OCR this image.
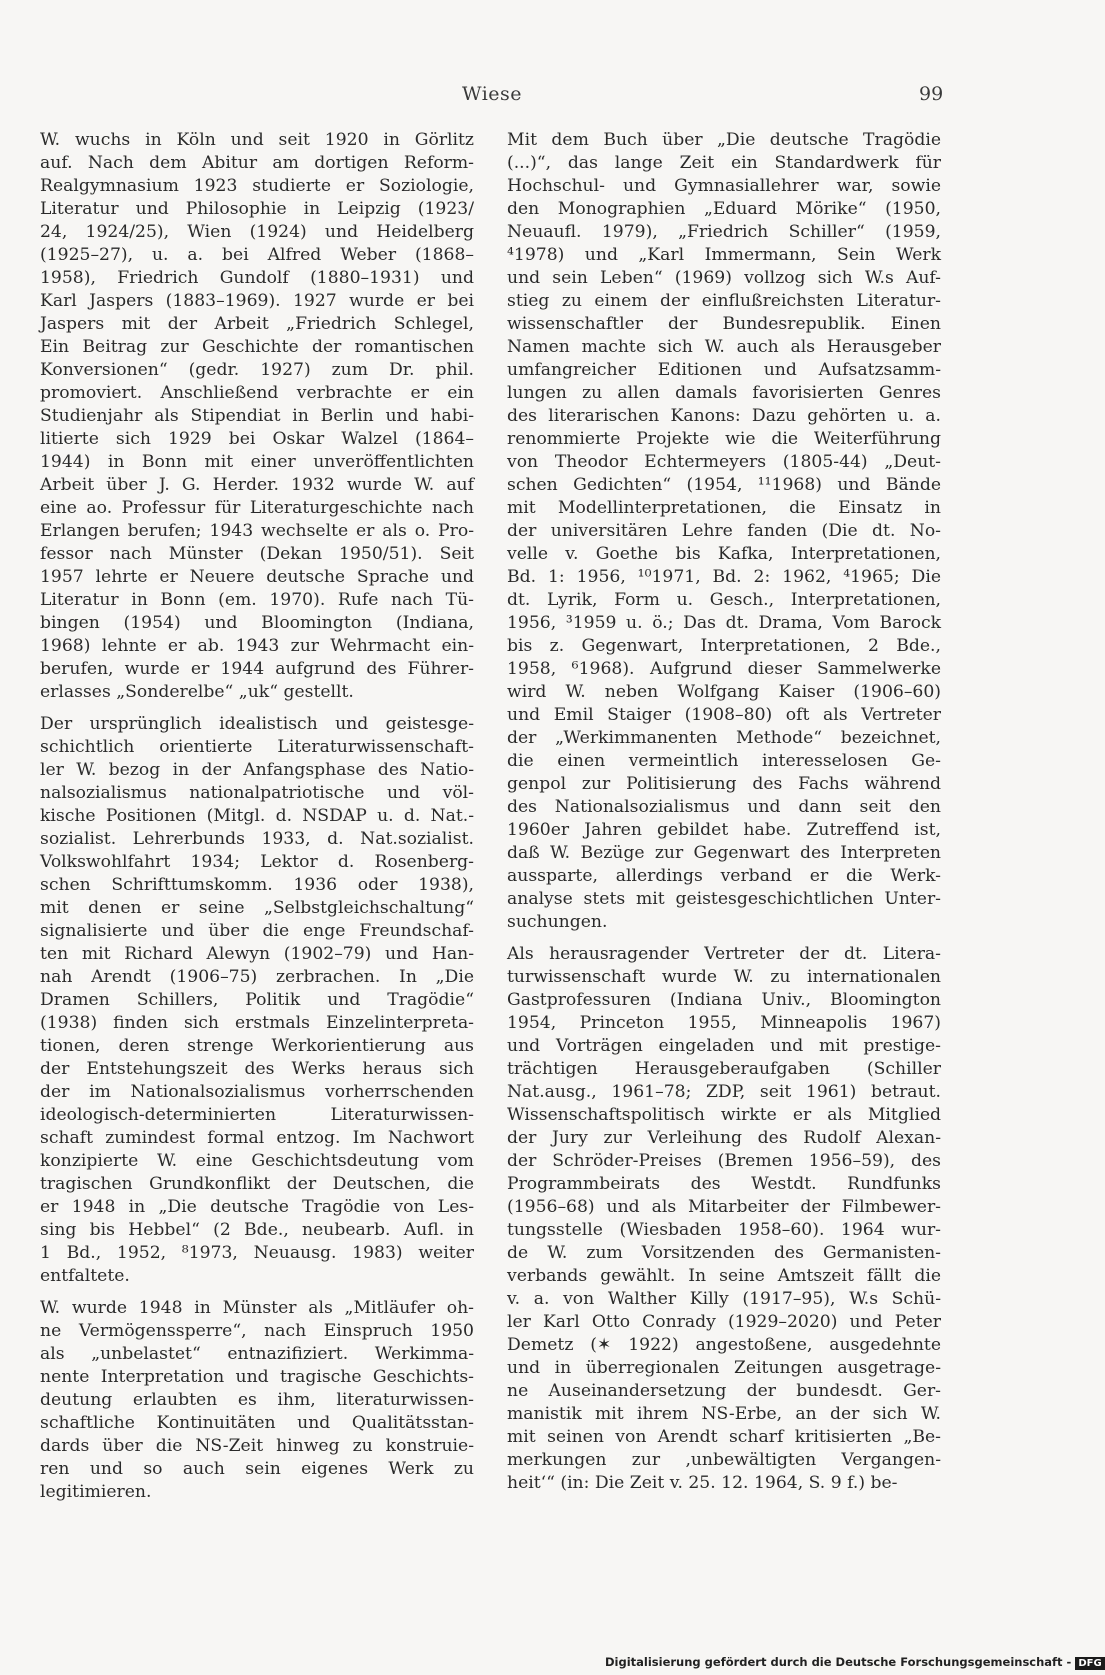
Wiese	99
W. wuchs in Köln und seit 1920 in Görlitz
auf. Nach dem Abitur am dortigen Reform-
Realgymnasium 1923 studierte er Soziologie,
Literatur und Philosophie in Leipzig (1923/
24, 1924/25), Wien (1924) und Heidelberg
(1925–27), u. a. bei Alfred Weber (1868–
1958), Friedrich Gundolf (1880–1931) und
Karl Jaspers (1883–1969). 1927 wurde er bei
Jaspers mit der Arbeit „Friedrich Schlegel,
Ein Beitrag zur Geschichte der romantischen
Konversionen“ (gedr. 1927) zum Dr. phil.
promoviert. Anschließend verbrachte er ein
Studienjahr als Stipendiat in Berlin und habi-
litierte sich 1929 bei Oskar Walzel (1864–
1944) in Bonn mit einer unveröffentlichten
Arbeit über J. G. Herder. 1932 wurde W. auf
eine ao. Professur für Literaturgeschichte nach
Erlangen berufen; 1943 wechselte er als o. Pro-
fessor nach Münster (Dekan 1950/51). Seit
1957 lehrte er Neuere deutsche Sprache und
Literatur in Bonn (em. 1970). Rufe nach Tü-
bingen (1954) und Bloomington (Indiana,
1968) lehnte er ab. 1943 zur Wehrmacht ein-
berufen, wurde er 1944 aufgrund des Führer-
erlasses „Sonderelbe“ „uk“ gestellt.
Der ursprünglich idealistisch und geistesge-
schichtlich orientierte Literaturwissenschaft-
ler W. bezog in der Anfangsphase des Natio-
nalsozialismus nationalpatriotische und völ-
kische Positionen (Mitgl. d. NSDAP u. d. Nat.-
sozialist. Lehrerbunds 1933, d. Nat.sozialist.
Volkswohlfahrt 1934; Lektor d. Rosenberg-
schen Schrifttumskomm. 1936 oder 1938),
mit denen er seine „Selbstgleichschaltung“
signalisierte und über die enge Freundschaf-
ten mit Richard Alewyn (1902–79) und Han-
nah Arendt (1906–75) zerbrachen. In „Die
Dramen Schillers, Politik und Tragödie“
(1938) finden sich erstmals Einzelinterpreta-
tionen, deren strenge Werkorientierung aus
der Entstehungszeit des Werks heraus sich
der im Nationalsozialismus vorherrschenden
ideologisch-determinierten Literaturwissen-
schaft zumindest formal entzog. Im Nachwort
konzipierte W. eine Geschichtsdeutung vom
tragischen Grundkonflikt der Deutschen, die
er 1948 in „Die deutsche Tragödie von Les-
sing bis Hebbel“ (2 Bde., neubearb. Aufl. in
1 Bd., 1952, ⁸1973, Neuausg. 1983) weiter
entfaltete.
W. wurde 1948 in Münster als „Mitläufer oh-
ne Vermögenssperre“, nach Einspruch 1950
als „unbelastet“ entnazifiziert. Werkimma-
nente Interpretation und tragische Geschichts-
deutung erlaubten es ihm, literaturwissen-
schaftliche Kontinuitäten und Qualitätsstan-
dards über die NS-Zeit hinweg zu konstruie-
ren und so auch sein eigenes Werk zu
legitimieren.
Mit dem Buch über „Die deutsche Tragödie
(...)“, das lange Zeit ein Standardwerk für
Hochschul- und Gymnasiallehrer war, sowie
den Monographien „Eduard Mörike“ (1950,
Neuaufl. 1979), „Friedrich Schiller“ (1959,
⁴1978) und „Karl Immermann, Sein Werk
und sein Leben“ (1969) vollzog sich W.s Auf-
stieg zu einem der einflußreichsten Literatur-
wissenschaftler der Bundesrepublik. Einen
Namen machte sich W. auch als Herausgeber
umfangreicher Editionen und Aufsatzsamm-
lungen zu allen damals favorisierten Genres
des literarischen Kanons: Dazu gehörten u. a.
renommierte Projekte wie die Weiterführung
von Theodor Echtermeyers (1805-44) „Deut-
schen Gedichten“ (1954, ¹¹1968) und Bände
mit Modellinterpretationen, die Einsatz in
der universitären Lehre fanden (Die dt. No-
velle v. Goethe bis Kafka, Interpretationen,
Bd. 1: 1956, ¹⁰1971, Bd. 2: 1962, ⁴1965; Die
dt. Lyrik, Form u. Gesch., Interpretationen,
1956, ³1959 u. ö.; Das dt. Drama, Vom Barock
bis z. Gegenwart, Interpretationen, 2 Bde.,
1958, ⁶1968). Aufgrund dieser Sammelwerke
wird W. neben Wolfgang Kaiser (1906–60)
und Emil Staiger (1908–80) oft als Vertreter
der „Werkimmanenten Methode“ bezeichnet,
die einen vermeintlich interesselosen Ge-
genpol zur Politisierung des Fachs während
des Nationalsozialismus und dann seit den
1960er Jahren gebildet habe. Zutreffend ist,
daß W. Bezüge zur Gegenwart des Interpreten
aussparte, allerdings verband er die Werk-
analyse stets mit geistesgeschichtlichen Unter-
suchungen.
Als herausragender Vertreter der dt. Litera-
turwissenschaft wurde W. zu internationalen
Gastprofessuren (Indiana Univ., Bloomington
1954, Princeton 1955, Minneapolis 1967)
und Vorträgen eingeladen und mit prestige-
trächtigen Herausgeberaufgaben (Schiller
Nat.ausg., 1961–78; ZDP, seit 1961) betraut.
Wissenschaftspolitisch wirkte er als Mitglied
der Jury zur Verleihung des Rudolf Alexan-
der Schröder-Preises (Bremen 1956–59), des
Programmbeirats des Westdt. Rundfunks
(1956–68) und als Mitarbeiter der Filmbewer-
tungsstelle (Wiesbaden 1958–60). 1964 wur-
de W. zum Vorsitzenden des Germanisten-
verbands gewählt. In seine Amtszeit fällt die
v. a. von Walther Killy (1917–95), W.s Schü-
ler Karl Otto Conrady (1929–2020) und Peter
Demetz (✶ 1922) angestoßene, ausgedehnte
und in überregionalen Zeitungen ausgetrage-
ne Auseinandersetzung der bundesdt. Ger-
manistik mit ihrem NS-Erbe, an der sich W.
mit seinen von Arendt scharf kritisierten „Be-
merkungen zur ‚unbewältigten Vergangen-
heit‘“ (in: Die Zeit v. 25. 12. 1964, S. 9 f.) be-
Digitalisierung gefördert durch die Deutsche Forschungsgemeinschaft - DFG
